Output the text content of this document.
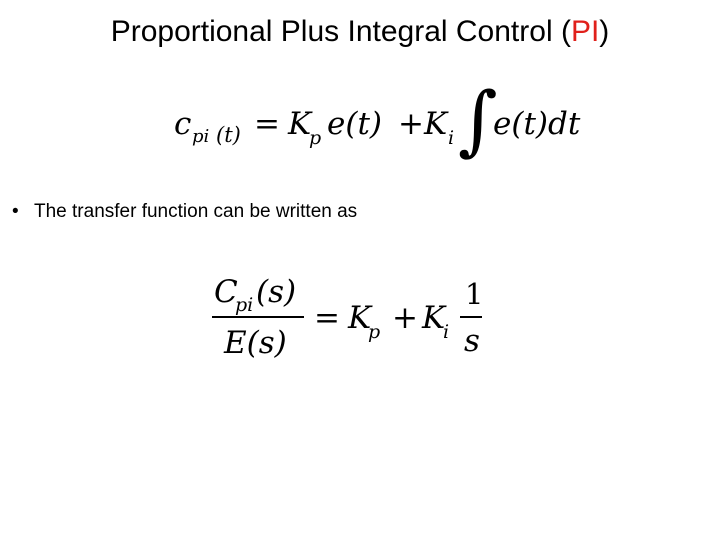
Proportional Plus Integral Control (PI)
c pi (t) = K
p e(t) + K i ∫
e(t)dt
• The transfer function can be written as
C
pi (s)
E(s)
= K
p + K
i
1
s
